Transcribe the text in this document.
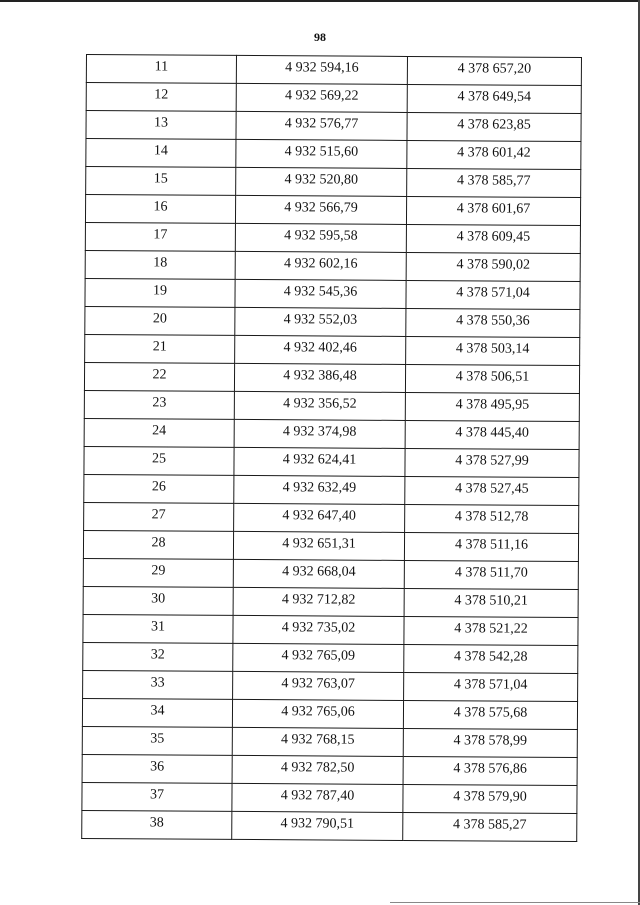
98
11	4 932 594,16	4 378 657,20
12	4 932 569,22	4 378 649,54
13	4 932 576,77	4 378 623,85
14	4 932 515,60	4 378 601,42
15	4 932 520,80	4 378 585,77
16	4 932 566,79	4 378 601,67
17	4 932 595,58	4 378 609,45
18	4 932 602,16	4 378 590,02
19	4 932 545,36	4 378 571,04
20	4 932 552,03	4 378 550,36
21	4 932 402,46	4 378 503,14
22	4 932 386,48	4 378 506,51
23	4 932 356,52	4 378 495,95
24	4 932 374,98	4 378 445,40
25	4 932 624,41	4 378 527,99
26	4 932 632,49	4 378 527,45
27	4 932 647,40	4 378 512,78
28	4 932 651,31	4 378 511,16
29	4 932 668,04	4 378 511,70
30	4 932 712,82	4 378 510,21
31	4 932 735,02	4 378 521,22
32	4 932 765,09	4 378 542,28
33	4 932 763,07	4 378 571,04
34	4 932 765,06	4 378 575,68
35	4 932 768,15	4 378 578,99
36	4 932 782,50	4 378 576,86
37	4 932 787,40	4 378 579,90
38	4 932 790,51	4 378 585,27
